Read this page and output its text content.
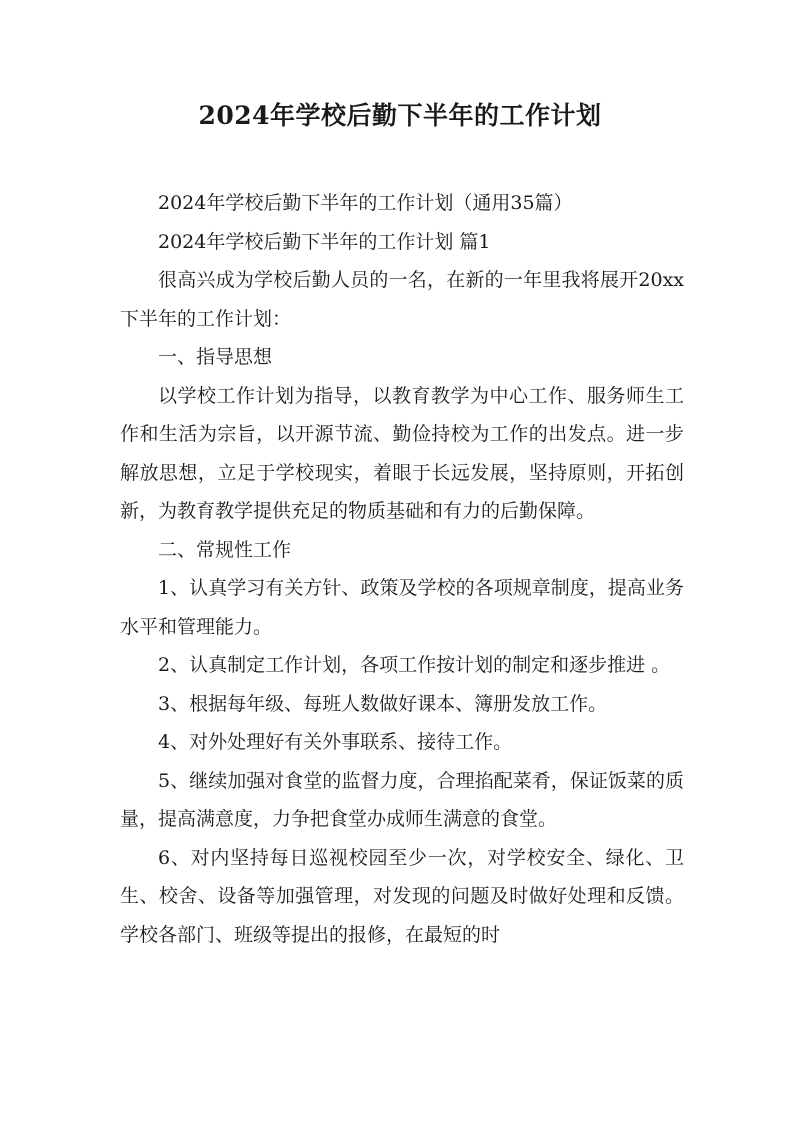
2024年学校后勤下半年的工作计划

2024年学校后勤下半年的工作计划（通用35篇）

2024年学校后勤下半年的工作计划 篇1

很高兴成为学校后勤人员的一名，在新的一年里我将展开20xx下半年的工作计划：

一、指导思想

以学校工作计划为指导，以教育教学为中心工作、服务师生工作和生活为宗旨，以开源节流、勤俭持校为工作的出发点。进一步解放思想，立足于学校现实，着眼于长远发展，坚持原则，开拓创新，为教育教学提供充足的物质基础和有力的后勤保障。

二、常规性工作

1、认真学习有关方针、政策及学校的各项规章制度，提高业务水平和管理能力。

2、认真制定工作计划，各项工作按计划的制定和逐步推进 。

3、根据每年级、每班人数做好课本、簿册发放工作。

4、对外处理好有关外事联系、接待工作。

5、继续加强对食堂的监督力度，合理掐配菜肴，保证饭菜的质量，提高满意度，力争把食堂办成师生满意的食堂。

6、对内坚持每日巡视校园至少一次，对学校安全、绿化、卫生、校舍、设备等加强管理，对发现的问题及时做好处理和反馈。学校各部门、班级等提出的报修，在最短的时
